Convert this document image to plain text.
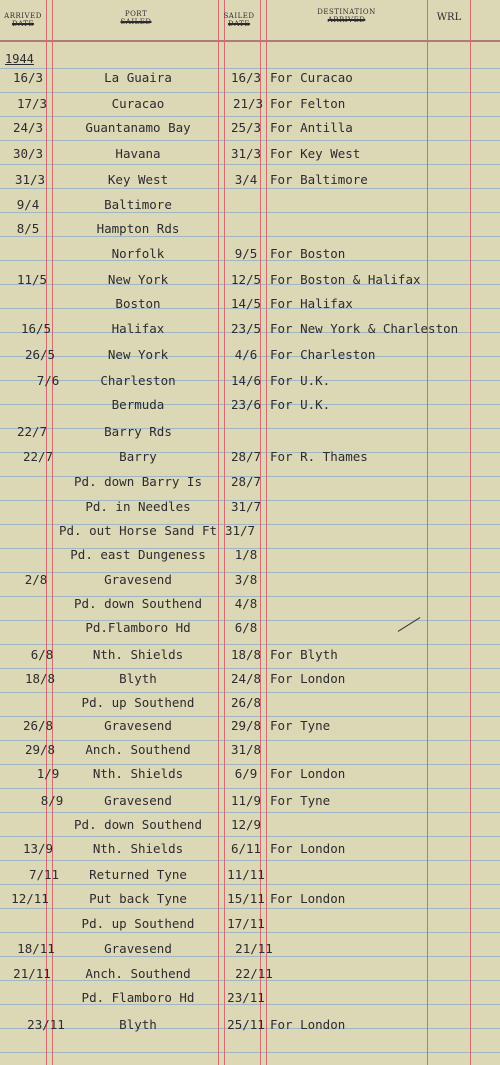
ARRIVED
DATE
PORT
SAILED
SAILED
DATE
DESTINATION
ARRIVED	WRL
1944
16/3	La Guaira	16/3 For Curacao
17/3	Curacao	21/3 For Felton
24/3	Guantanamo Bay	25/3 For Antilla
30/3	Havana	31/3 For Key West
31/3	Key West	3/4	For Baltimore
9/4	Baltimore
8/5	Hampton Rds
Norfolk	9/5	For Boston
11/5	New York	12/5 For Boston & Halifax
Boston	14/5 For Halifax
16/5	Halifax	23/5 For New York & Charleston
26/5	New York	4/6	For Charleston
7/6	Charleston	14/6 For U.K.
Bermuda	23/6 For U.K.
22/7	Barry Rds
22/7	Barry	28/7 For R. Thames
Pd. down Barry Is	28/7
Pd. in Needles	31/7
Pd. out Horse Sand Ft 31/7
Pd. east Dungeness	1/8
2/8	Gravesend	3/8
Pd. down Southend	4/8
Pd.Flamboro Hd	6/8
6/8	Nth. Shields	18/8 For Blyth
18/8	Blyth	24/8 For London
Pd. up Southend	26/8
26/8	Gravesend	29/8 For Tyne
29/8	Anch. Southend	31/8
1/9	Nth. Shields	6/9	For London
8/9	Gravesend	11/9 For Tyne
Pd. down Southend	12/9
13/9	Nth. Shields	6/11 For London
7/11	Returned Tyne	11/11
12/11	Put back Tyne	15/11 For London
Pd. up Southend	17/11
18/11	Gravesend	21/11
21/11	Anch. Southend	22/11
Pd. Flamboro Hd	23/11
23/11	Blyth	25/11 For London
